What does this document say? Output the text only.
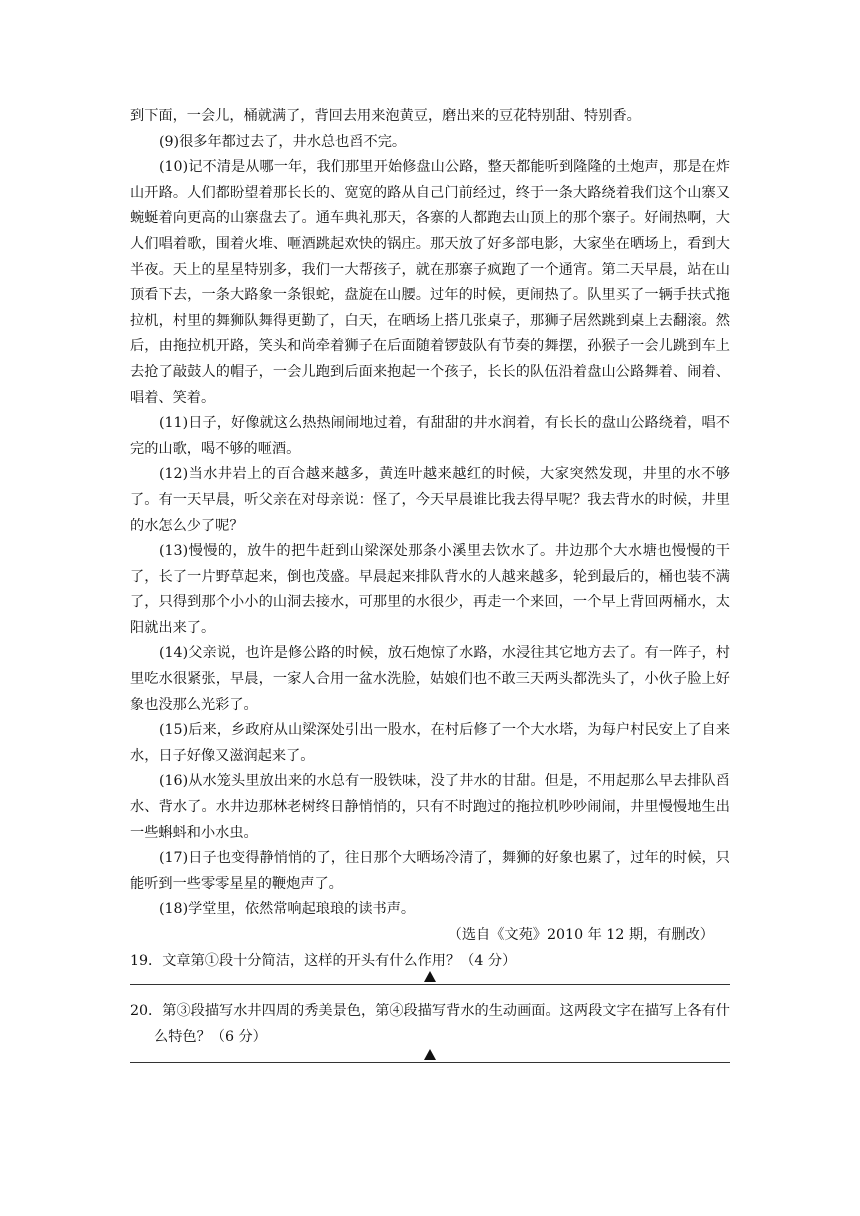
到下面，一会儿，桶就满了，背回去用来泡黄豆，磨出来的豆花特别甜、特别香。

(9)很多年都过去了，井水总也舀不完。

(10)记不清是从哪一年，我们那里开始修盘山公路，整天都能听到隆隆的土炮声，那是在炸山开路。人们都盼望着那长长的、宽宽的路从自己门前经过，终于一条大路绕着我们这个山寨又蜿蜒着向更高的山寨盘去了。通车典礼那天，各寨的人都跑去山顶上的那个寨子。好闹热啊，大人们唱着歌，围着火堆、咂酒跳起欢快的锅庄。那天放了好多部电影，大家坐在晒场上，看到大半夜。天上的星星特别多，我们一大帮孩子，就在那寨子疯跑了一个通宵。第二天早晨，站在山顶看下去，一条大路象一条银蛇，盘旋在山腰。过年的时候，更闹热了。队里买了一辆手扶式拖拉机，村里的舞狮队舞得更勤了，白天，在晒场上搭几张桌子，那狮子居然跳到桌上去翻滚。然后，由拖拉机开路，笑头和尚牵着狮子在后面随着锣鼓队有节奏的舞摆，孙猴子一会儿跳到车上去抢了敲鼓人的帽子，一会儿跑到后面来抱起一个孩子，长长的队伍沿着盘山公路舞着、闹着、唱着、笑着。

(11)日子，好像就这么热热闹闹地过着，有甜甜的井水润着，有长长的盘山公路绕着，唱不完的山歌，喝不够的咂酒。

(12)当水井岩上的百合越来越多，黄连叶越来越红的时候，大家突然发现，井里的水不够了。有一天早晨，听父亲在对母亲说：怪了，今天早晨谁比我去得早呢？我去背水的时候，井里的水怎么少了呢？

(13)慢慢的，放牛的把牛赶到山梁深处那条小溪里去饮水了。井边那个大水塘也慢慢的干了，长了一片野草起来，倒也茂盛。早晨起来排队背水的人越来越多，轮到最后的，桶也装不满了，只得到那个小小的山洞去接水，可那里的水很少，再走一个来回，一个早上背回两桶水，太阳就出来了。

(14)父亲说，也许是修公路的时候，放石炮惊了水路，水浸往其它地方去了。有一阵子，村里吃水很紧张，早晨，一家人合用一盆水洗脸，姑娘们也不敢三天两头都洗头了，小伙子脸上好象也没那么光彩了。

(15)后来，乡政府从山梁深处引出一股水，在村后修了一个大水塔，为每户村民安上了自来水，日子好像又滋润起来了。

(16)从水笼头里放出来的水总有一股铁味，没了井水的甘甜。但是，不用起那么早去排队舀水、背水了。水井边那林老树终日静悄悄的，只有不时跑过的拖拉机吵吵闹闹，井里慢慢地生出一些蝌蚪和小水虫。

(17)日子也变得静悄悄的了，往日那个大晒场冷清了，舞狮的好象也累了，过年的时候，只能听到一些零零星星的鞭炮声了。

(18)学堂里，依然常响起琅琅的读书声。

（选自《文苑》2010 年 12 期，有删改）

19．文章第①段十分简洁，这样的开头有什么作用？（4 分）

20．第③段描写水井四周的秀美景色，第④段描写背水的生动画面。这两段文字在描写上各有什么特色？（6 分）
